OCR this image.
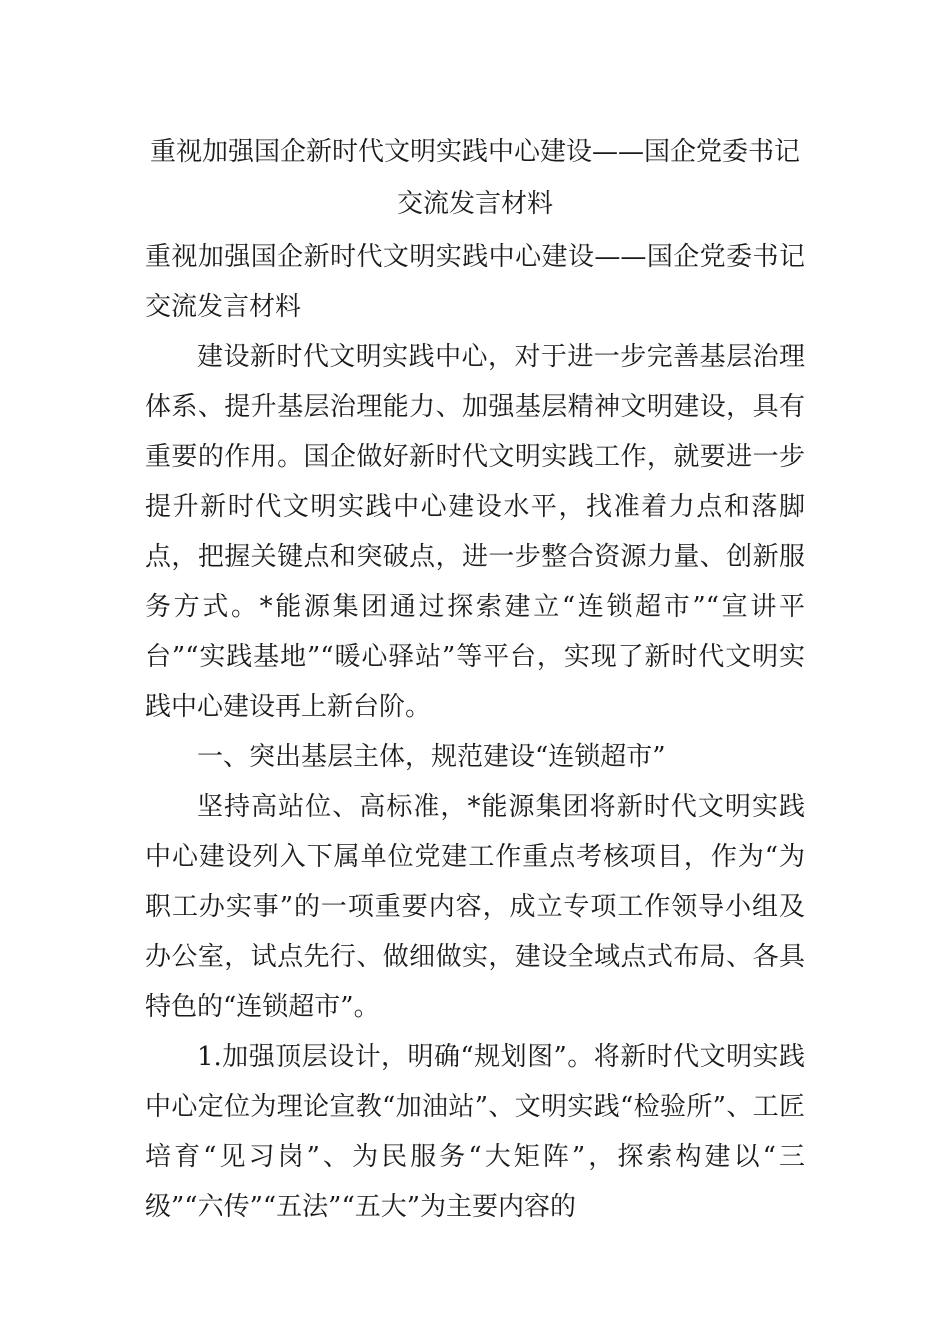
重视加强国企新时代文明实践中心建设——国企党委书记
交流发言材料

重视加强国企新时代文明实践中心建设——国企党委书记交流发言材料

建设新时代文明实践中心，对于进一步完善基层治理体系、提升基层治理能力、加强基层精神文明建设，具有重要的作用。国企做好新时代文明实践工作，就要进一步提升新时代文明实践中心建设水平，找准着力点和落脚点，把握关键点和突破点，进一步整合资源力量、创新服务方式。*能源集团通过探索建立“连锁超市”“宣讲平台”“实践基地”“暖心驿站”等平台，实现了新时代文明实践中心建设再上新台阶。

一、突出基层主体，规范建设“连锁超市”

坚持高站位、高标准，*能源集团将新时代文明实践中心建设列入下属单位党建工作重点考核项目，作为“为职工办实事”的一项重要内容，成立专项工作领导小组及办公室，试点先行、做细做实，建设全域点式布局、各具特色的“连锁超市”。

1.加强顶层设计，明确“规划图”。将新时代文明实践中心定位为理论宣教“加油站”、文明实践“检验所”、工匠培育“见习岗”、为民服务“大矩阵”，探索构建以“三级”“六传”“五法”“五大”为主要内容的
